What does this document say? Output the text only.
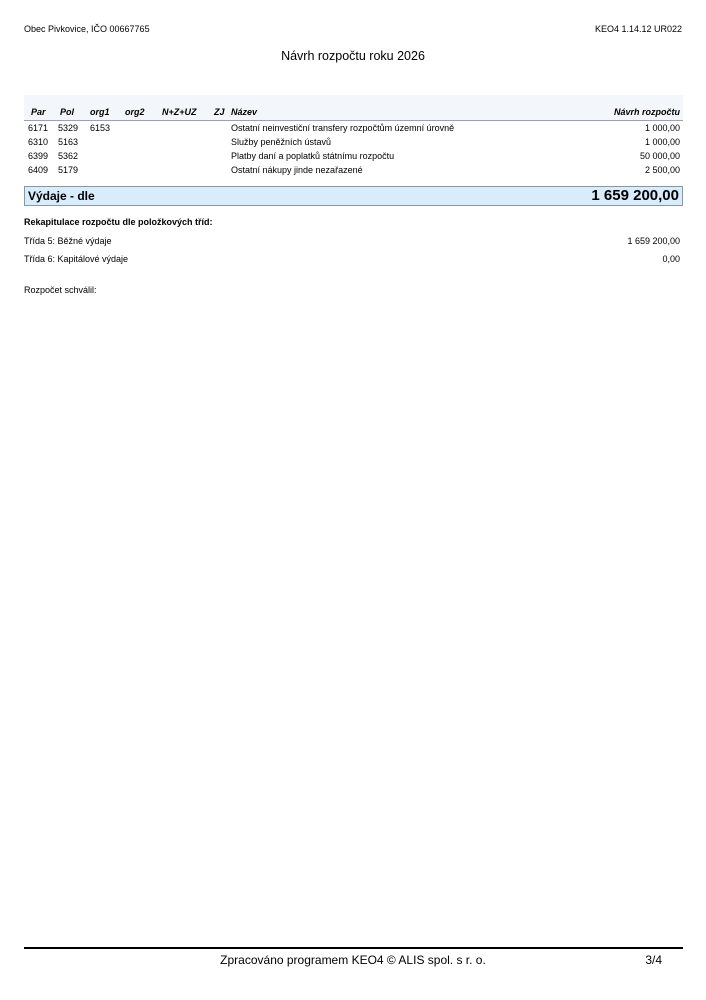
Obec Pivkovice, IČO 00667765	KEO4 1.14.12 UR022
Návrh rozpočtu roku 2026
Par Pol org1 org2 N+Z+UZ ZJ Název	Návrh rozpočtu
6171 5329 6153	Ostatní neinvestiční transfery rozpočtům územní úrovně	1 000,00
6310 5163	Služby peněžních ústavů	1 000,00
6399 5362	Platby daní a poplatků státnímu rozpočtu	50 000,00
6409 5179	Ostatní nákupy jinde nezařazené	2 500,00
Výdaje - dle	1 659 200,00
Rekapitulace rozpočtu dle položkových tříd:
Třída 5: Běžné výdaje	1 659 200,00
Třída 6: Kapitálové výdaje	0,00
Rozpočet schválil:
Zpracováno programem KEO4 © ALIS spol. s r. o.	3/4
